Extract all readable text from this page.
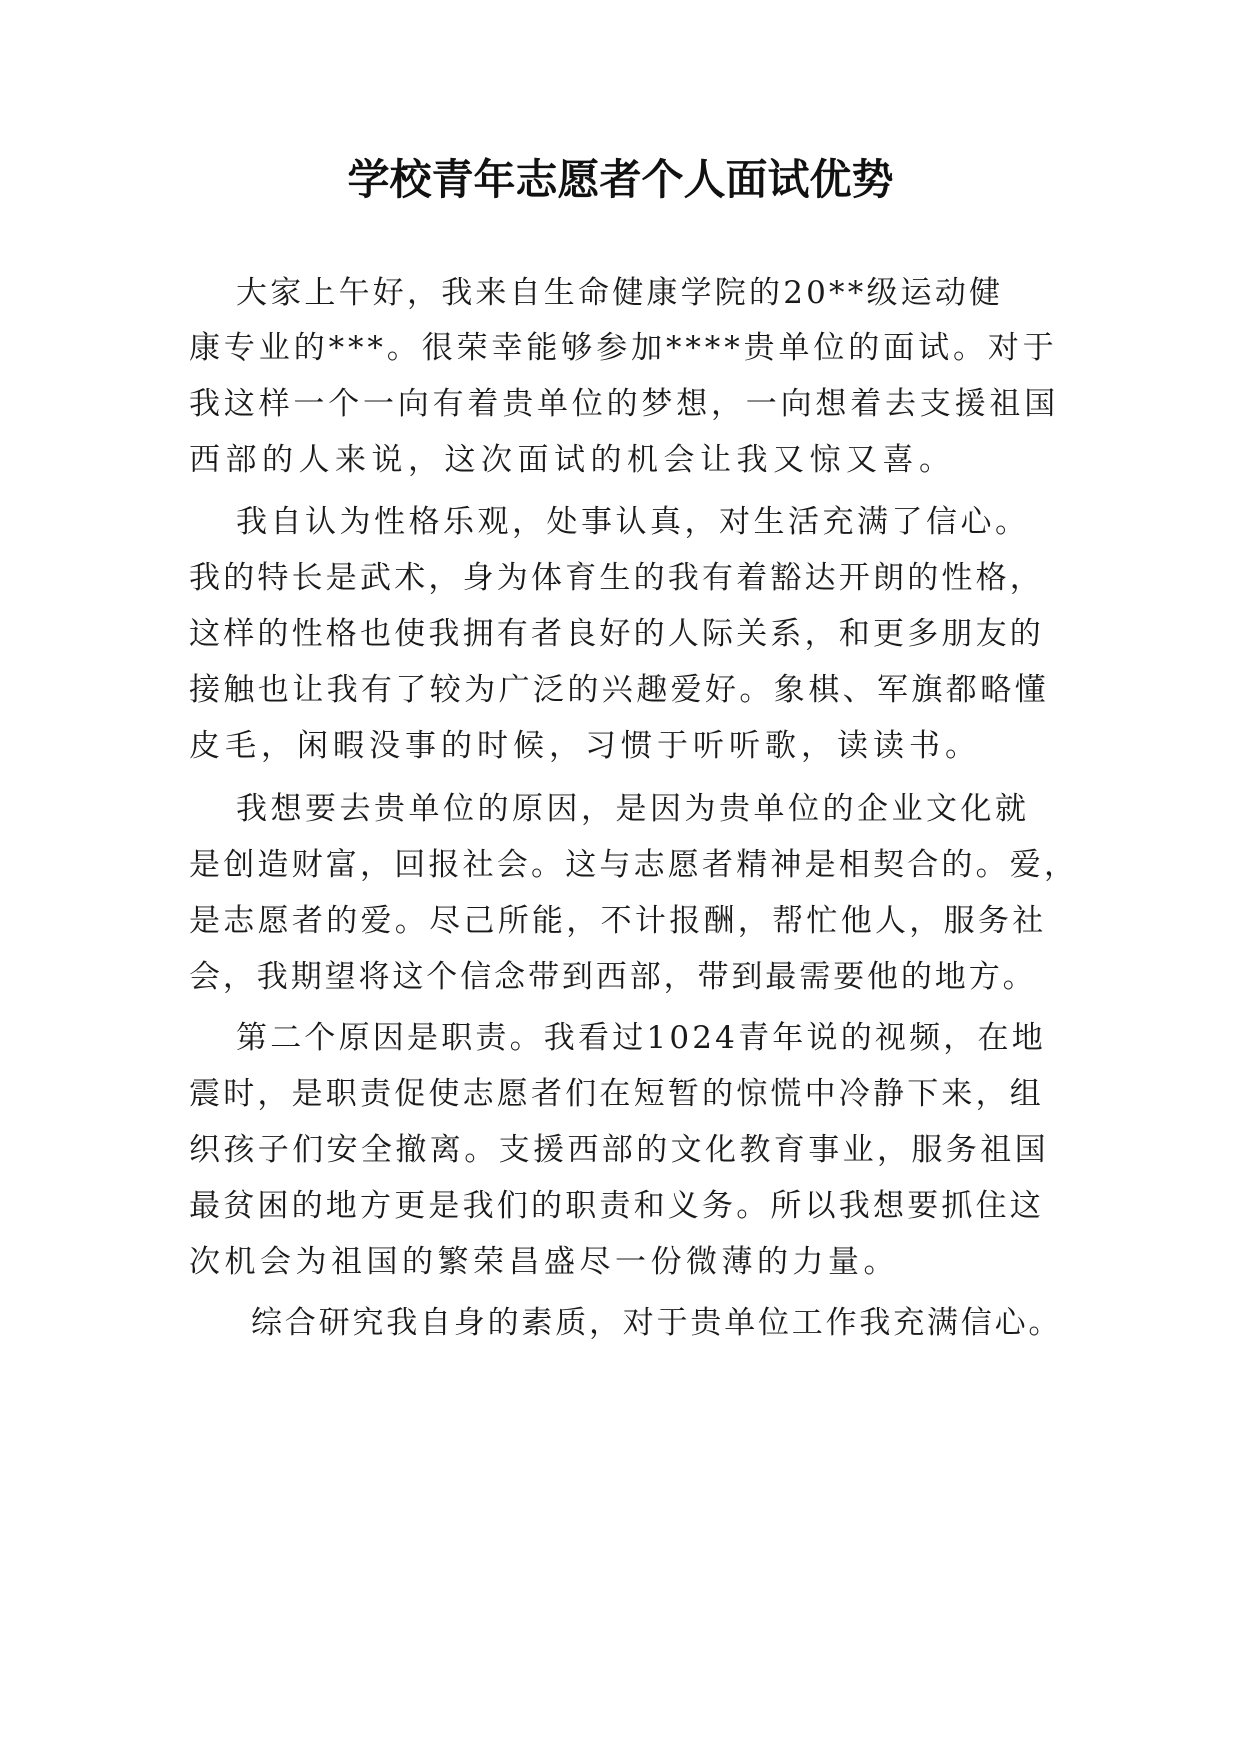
学校青年志愿者个人面试优势

大家上午好，我来自生命健康学院的20**级运动健

康专业的***。很荣幸能够参加****贵单位的面试。对于

我这样一个一向有着贵单位的梦想，一向想着去支援祖国

西部的人来说，这次面试的机会让我又惊又喜。

我自认为性格乐观，处事认真，对生活充满了信心。

我的特长是武术，身为体育生的我有着豁达开朗的性格，

这样的性格也使我拥有者良好的人际关系，和更多朋友的

接触也让我有了较为广泛的兴趣爱好。象棋、军旗都略懂

皮毛，闲暇没事的时候，习惯于听听歌，读读书。

我想要去贵单位的原因，是因为贵单位的企业文化就

是创造财富，回报社会。这与志愿者精神是相契合的。爱，

是志愿者的爱。尽己所能，不计报酬，帮忙他人，服务社

会，我期望将这个信念带到西部，带到最需要他的地方。

第二个原因是职责。我看过1024青年说的视频，在地

震时，是职责促使志愿者们在短暂的惊慌中冷静下来，组

织孩子们安全撤离。支援西部的文化教育事业，服务祖国

最贫困的地方更是我们的职责和义务。所以我想要抓住这

次机会为祖国的繁荣昌盛尽一份微薄的力量。

综合研究我自身的素质，对于贵单位工作我充满信心。
